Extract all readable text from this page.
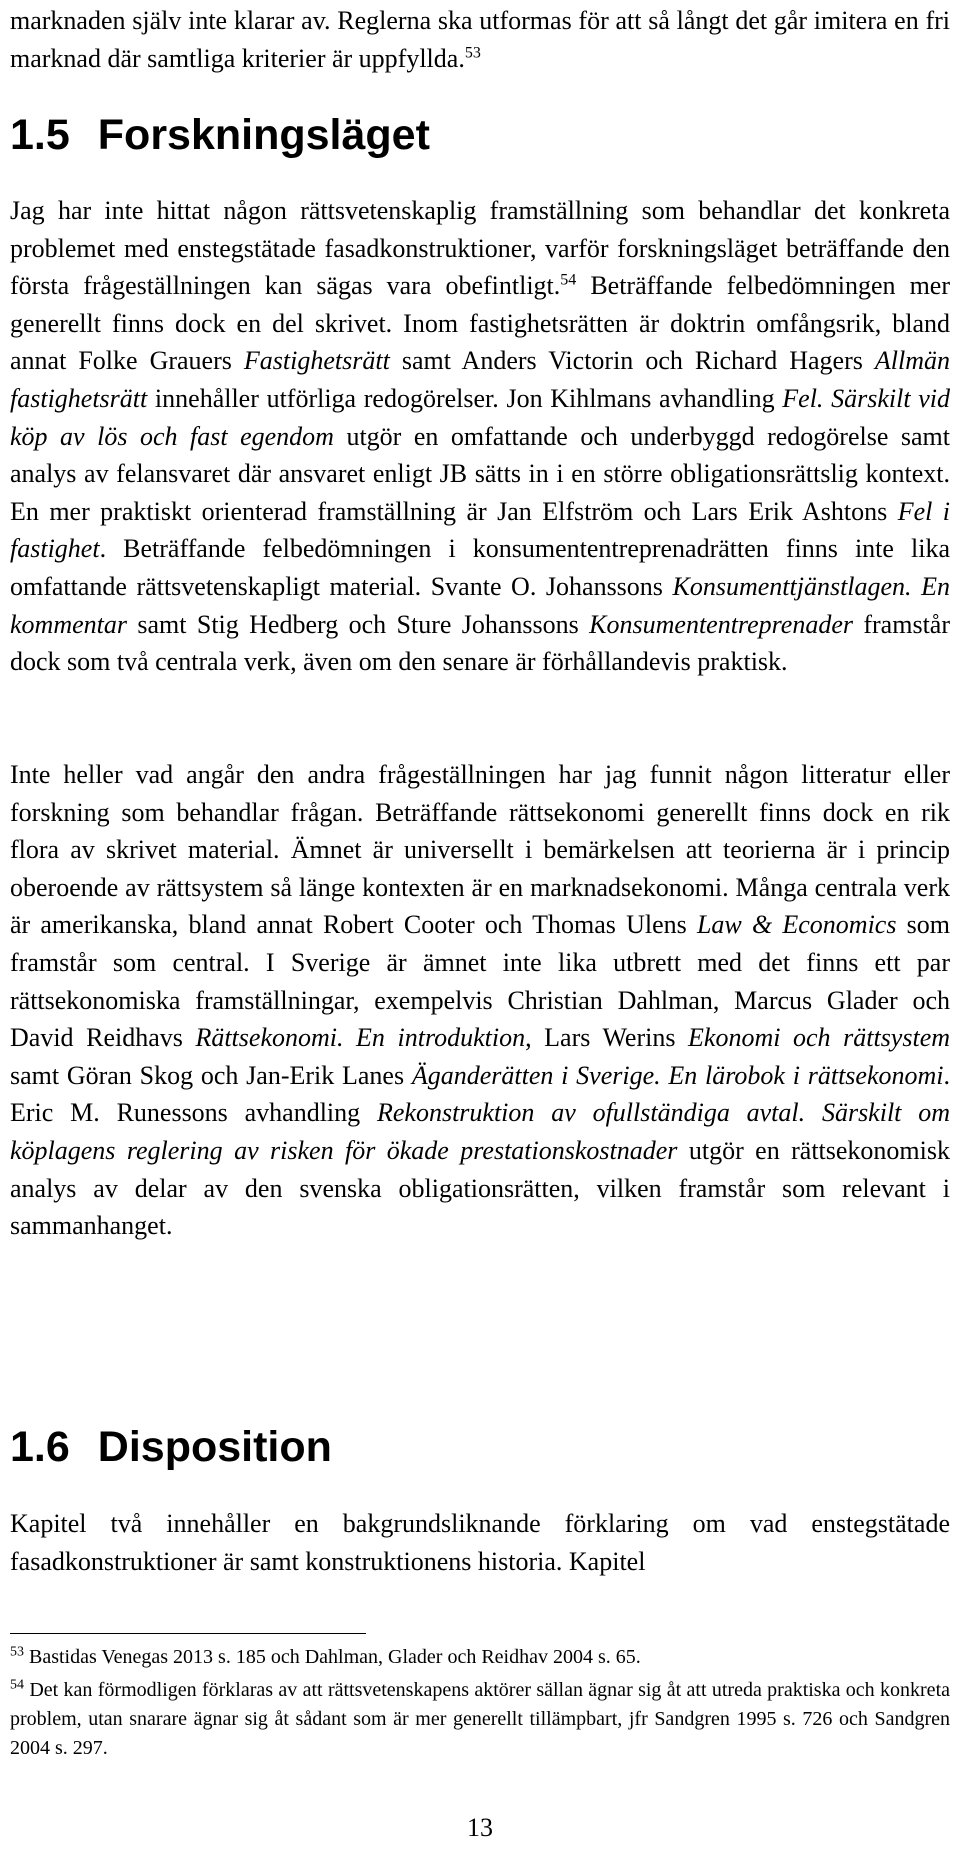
marknaden själv inte klarar av. Reglerna ska utformas för att så långt det går imitera en fri marknad där samtliga kriterier är uppfyllda.$^{53}$

1.5 Forskningsläget

Jag har inte hittat någon rättsvetenskaplig framställning som behandlar det konkreta problemet med enstegstätade fasadkonstruktioner, varför forskningsläget beträffande den första frågeställningen kan sägas vara obefintligt.$^{54}$ Beträffande felbedömningen mer generellt finns dock en del skrivet. Inom fastighetsrätten är doktrin omfångsrik, bland annat Folke Grauers Fastighetsrätt samt Anders Victorin och Richard Hagers Allmän fastighetsrätt innehåller utförliga redogörelser. Jon Kihlmans avhandling Fel. Särskilt vid köp av lös och fast egendom utgör en omfattande och underbyggd redogörelse samt analys av felansvaret där ansvaret enligt JB sätts in i en större obligationsrättslig kontext. En mer praktiskt orienterad framställning är Jan Elfström och Lars Erik Ashtons Fel i fastighet. Beträffande felbedömningen i konsumententreprenadrätten finns inte lika omfattande rättsvetenskapligt material. Svante O. Johanssons Konsumenttjänstlagen. En kommentar samt Stig Hedberg och Sture Johanssons Konsumententreprenader framstår dock som två centrala verk, även om den senare är förhållandevis praktisk.

Inte heller vad angår den andra frågeställningen har jag funnit någon litteratur eller forskning som behandlar frågan. Beträffande rättsekonomi generellt finns dock en rik flora av skrivet material. Ämnet är universellt i bemärkelsen att teorierna är i princip oberoende av rättsystem så länge kontexten är en marknadsekonomi. Många centrala verk är amerikanska, bland annat Robert Cooter och Thomas Ulens Law & Economics som framstår som central. I Sverige är ämnet inte lika utbrett med det finns ett par rättsekonomiska framställningar, exempelvis Christian Dahlman, Marcus Glader och David Reidhavs Rättsekonomi. En introduktion, Lars Werins Ekonomi och rättsystem samt Göran Skog och Jan-Erik Lanes Äganderätten i Sverige. En lärobok i rättsekonomi. Eric M. Runessons avhandling Rekonstruktion av ofullständiga avtal. Särskilt om köplagens reglering av risken för ökade prestationskostnader utgör en rättsekonomisk analys av delar av den svenska obligationsrätten, vilken framstår som relevant i sammanhanget.

1.6 Disposition

Kapitel två innehåller en bakgrundsliknande förklaring om vad enstegstätade fasadkonstruktioner är samt konstruktionens historia. Kapitel

$^{53}$ Bastidas Venegas 2013 s. 185 och Dahlman, Glader och Reidhav 2004 s. 65.

$^{54}$ Det kan förmodligen förklaras av att rättsvetenskapens aktörer sällan ägnar sig åt att utreda praktiska och konkreta problem, utan snarare ägnar sig åt sådant som är mer generellt tillämpbart, jfr Sandgren 1995 s. 726 och Sandgren 2004 s. 297.

13
